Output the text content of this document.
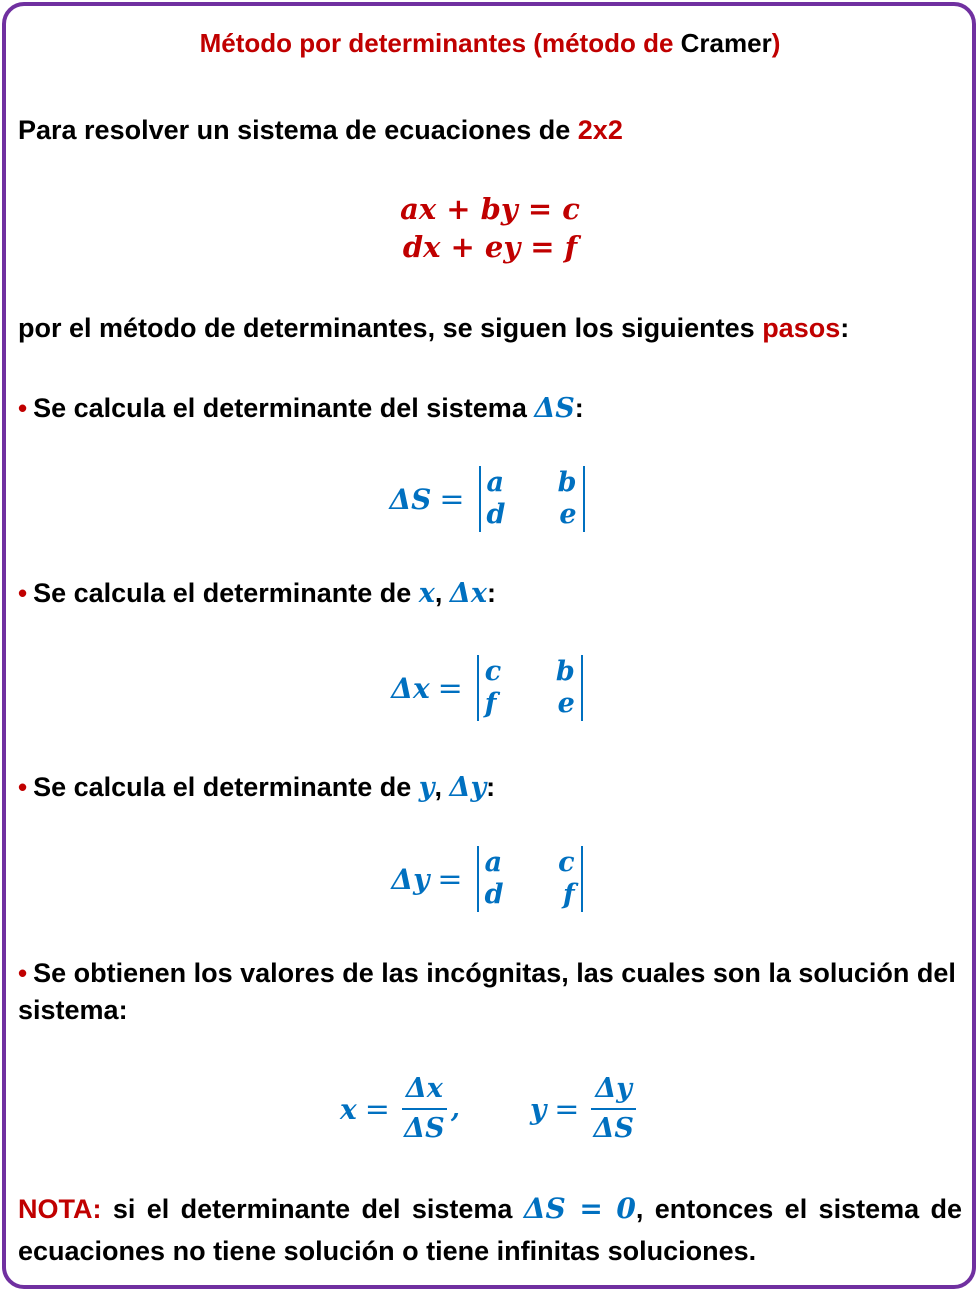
Método por determinantes (método de Cramer)
Para resolver un sistema de ecuaciones de 2x2
ax + by = c
dx + ey = f
por el método de determinantes, se siguen los siguientes pasos:
• Se calcula el determinante del sistema ΔS:
ΔS = a	b
d	e
• Se calcula el determinante de x, Δx:
Δx = c	b
f	e
• Se calcula el determinante de y, Δy:
Δy = a	c
d	f
• Se obtienen los valores de las incógnitas, las cuales son la solución del sistema:
$x = \frac{\Delta x}{\Delta S}$ ,	$y = \frac{\Delta y}{\Delta S}$
NOTA: si el determinante del sistema ΔS = 0, entonces el sistema de ecuaciones no tiene solución o tiene infinitas soluciones.
